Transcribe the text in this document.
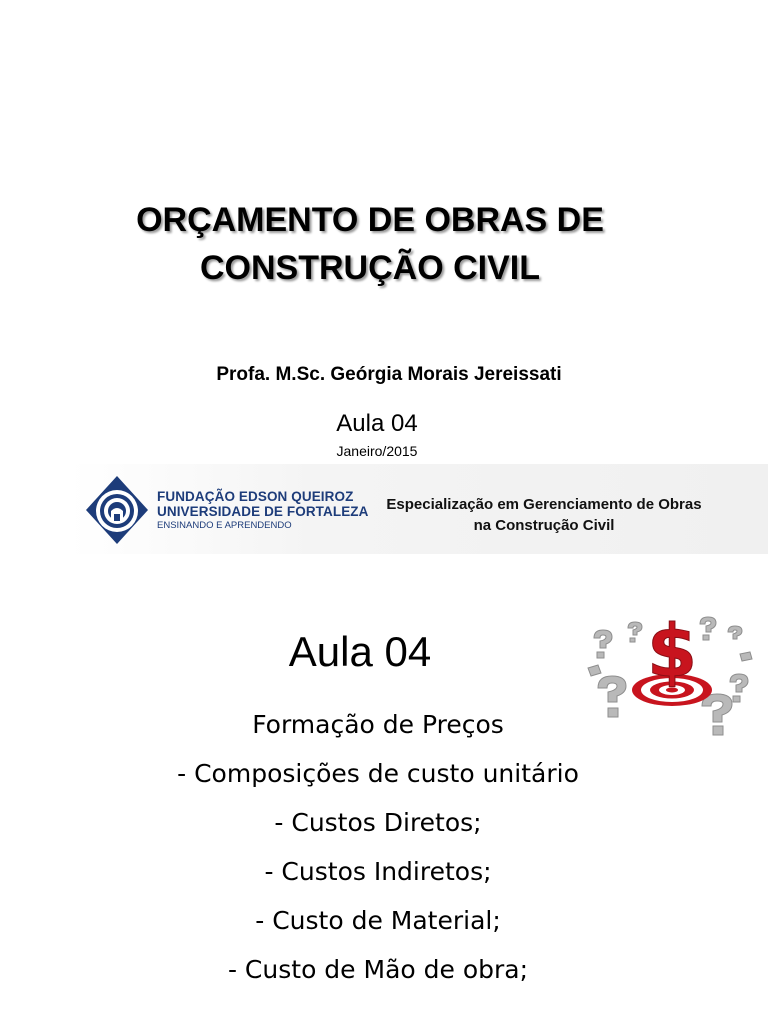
ORÇAMENTO DE OBRAS DE
CONSTRUÇÃO CIVIL
Profa. M.Sc. Geórgia Morais Jereissati
Aula 04
Janeiro/2015
FUNDAÇÃO EDSON QUEIROZ
UNIVERSIDADE DE FORTALEZA
ENSINANDO E APRENDENDO
Especialização em Gerenciamento de Obras
na Construção Civil
Aula 04	$
Formação de Preços
- Composições de custo unitário
- Custos Diretos;
- Custos Indiretos;
- Custo de Material;
- Custo de Mão de obra;
